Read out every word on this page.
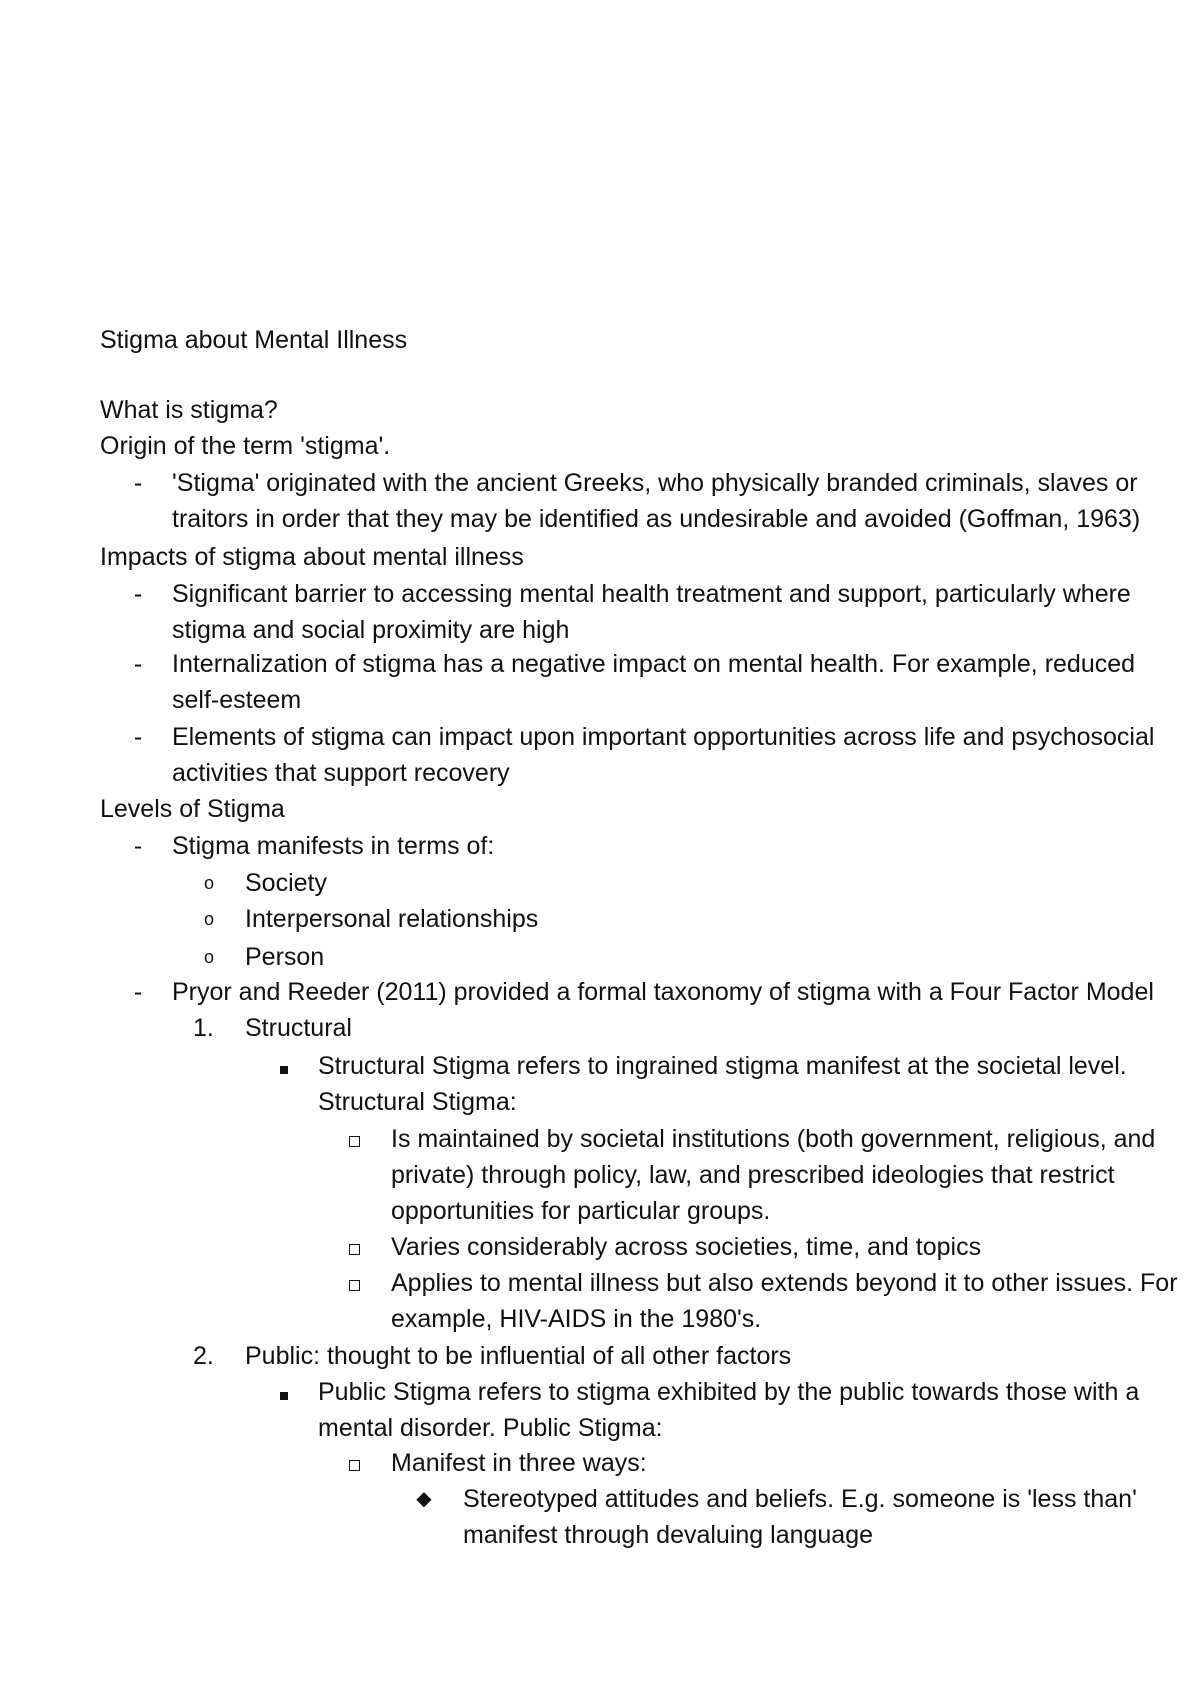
Stigma about Mental Illness
What is stigma?
Origin of the term 'stigma'.
- 'Stigma' originated with the ancient Greeks, who physically branded criminals, slaves or
traitors in order that they may be identified as undesirable and avoided (Goffman, 1963)
Impacts of stigma about mental illness
- Significant barrier to accessing mental health treatment and support, particularly where
stigma and social proximity are high
- Internalization of stigma has a negative impact on mental health. For example, reduced
self-esteem
- Elements of stigma can impact upon important opportunities across life and psychosocial
activities that support recovery
Levels of Stigma
- Stigma manifests in terms of:
o Society
o Interpersonal relationships
o Person
- Pryor and Reeder (2011) provided a formal taxonomy of stigma with a Four Factor Model
1. Structural
Structural Stigma refers to ingrained stigma manifest at the societal level.
Structural Stigma:
Is maintained by societal institutions (both government, religious, and
private) through policy, law, and prescribed ideologies that restrict
opportunities for particular groups.
Varies considerably across societies, time, and topics
Applies to mental illness but also extends beyond it to other issues. For
example, HIV-AIDS in the 1980's.
2. Public: thought to be influential of all other factors
Public Stigma refers to stigma exhibited by the public towards those with a
mental disorder. Public Stigma:
Manifest in three ways:
◆ Stereotyped attitudes and beliefs. E.g. someone is 'less than'
manifest through devaluing language
